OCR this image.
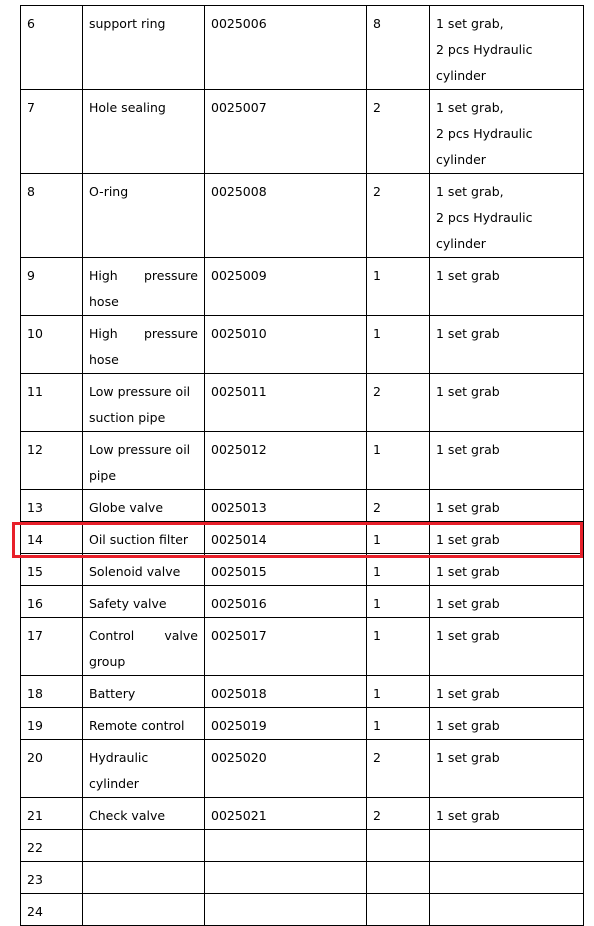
6	support ring	0025006	8	1 set grab,
2 pcs Hydraulic cylinder

7	Hole sealing	0025007	2	1 set grab,
2 pcs Hydraulic cylinder

8	O-ring	0025008	2	1 set grab,
2 pcs Hydraulic cylinder

9	High pressure
hose	0025009	1	1 set grab

10	High pressure
hose	0025010	1	1 set grab

11	Low pressure oil
suction pipe	0025011	2	1 set grab

12	Low pressure oil
pipe	0025012	1	1 set grab

13	Globe valve	0025013	2	1 set grab

14	Oil suction filter	0025014	1	1 set grab

15	Solenoid valve	0025015	1	1 set grab

16	Safety valve	0025016	1	1 set grab

17	Control valve
group	0025017	1	1 set grab

18	Battery	0025018	1	1 set grab

19	Remote control	0025019	1	1 set grab

20	Hydraulic
cylinder	0025020	2	1 set grab

21	Check valve	0025021	2	1 set grab

22				
23				
24				
